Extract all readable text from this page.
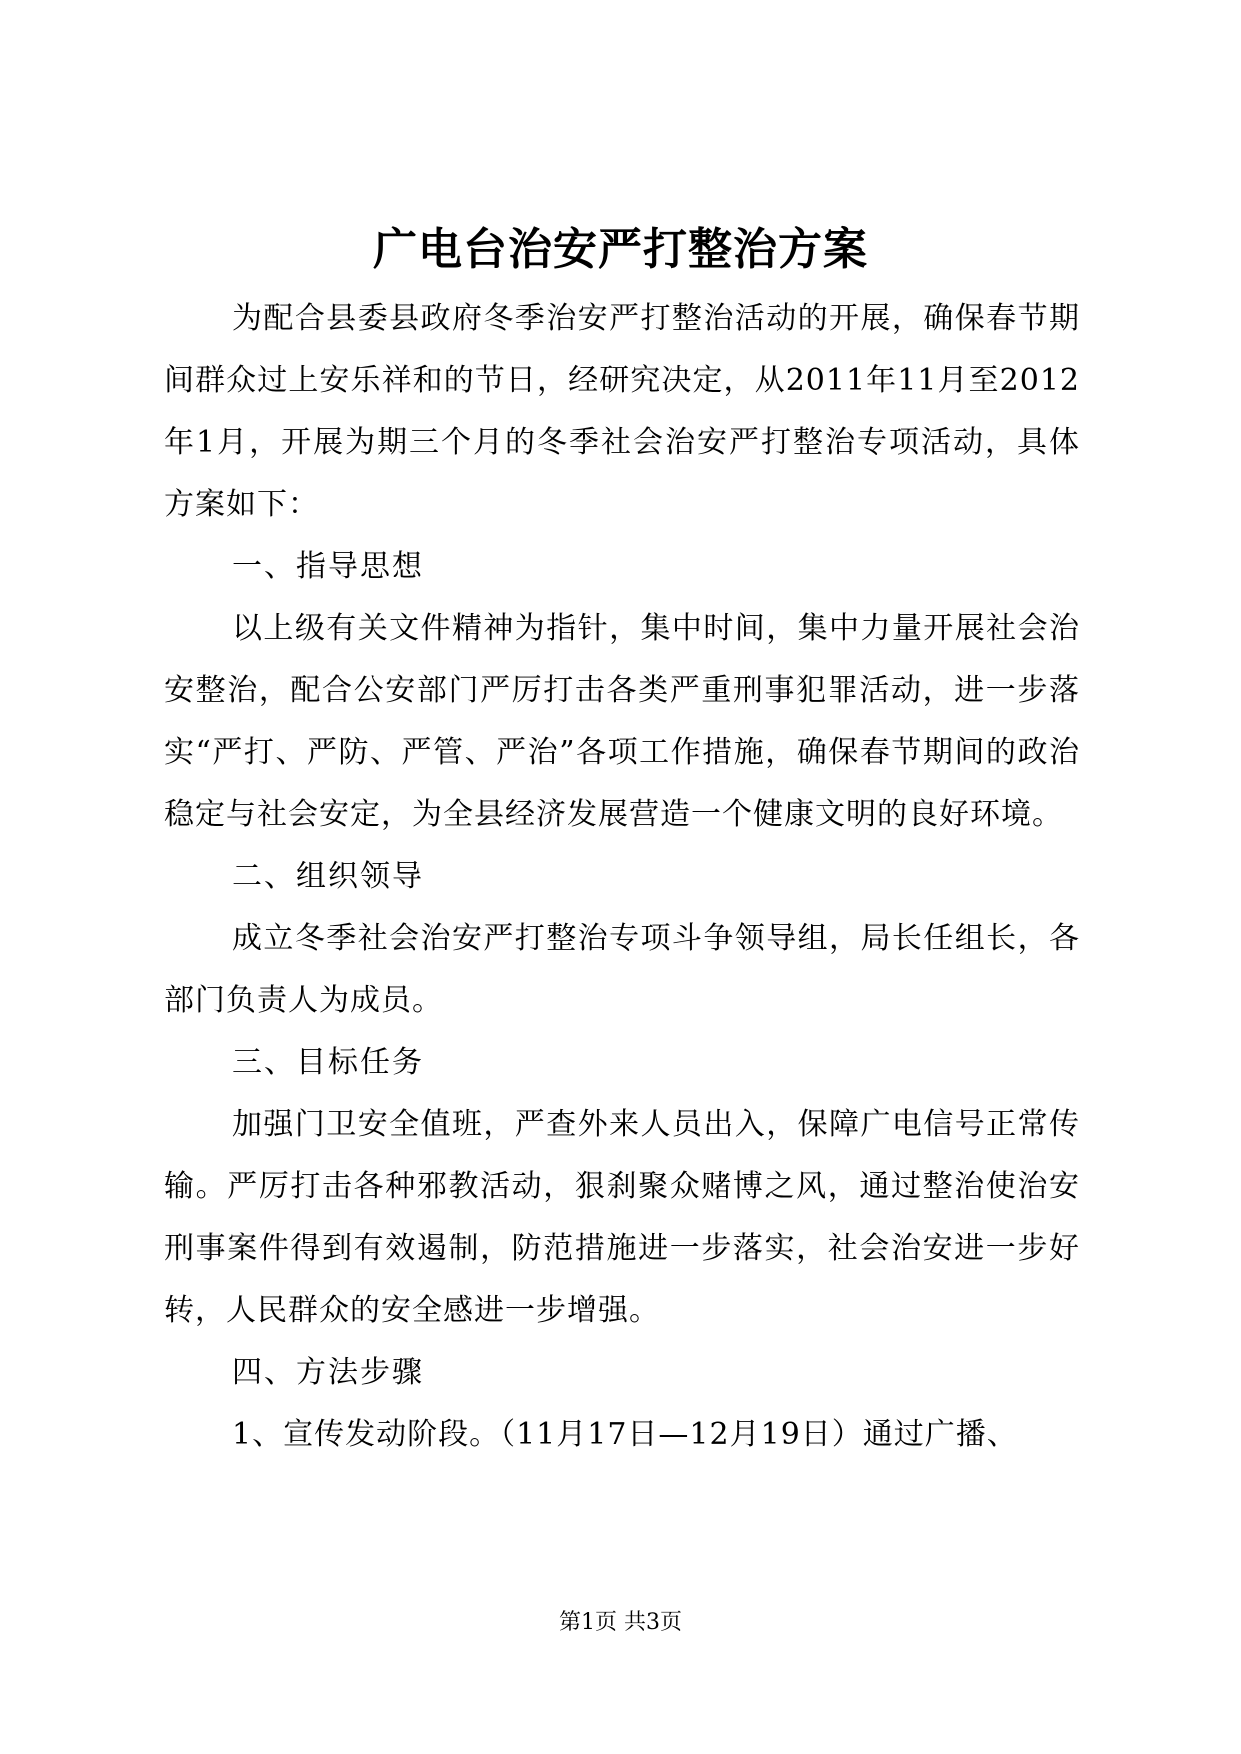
广电台治安严打整治方案

为配合县委县政府冬季治安严打整治活动的开展，确保春节期间群众过上安乐祥和的节日，经研究决定，从2011年11月至2012年1月，开展为期三个月的冬季社会治安严打整治专项活动，具体方案如下：

一、指导思想

以上级有关文件精神为指针，集中时间，集中力量开展社会治安整治，配合公安部门严厉打击各类严重刑事犯罪活动，进一步落实“严打、严防、严管、严治”各项工作措施，确保春节期间的政治稳定与社会安定，为全县经济发展营造一个健康文明的良好环境。

二、组织领导

成立冬季社会治安严打整治专项斗争领导组，局长任组长，各部门负责人为成员。

三、目标任务

加强门卫安全值班，严查外来人员出入，保障广电信号正常传输。严厉打击各种邪教活动，狠刹聚众赌博之风，通过整治使治安刑事案件得到有效遏制，防范措施进一步落实，社会治安进一步好转，人民群众的安全感进一步增强。

四、方法步骤

1、宣传发动阶段。（11月17日—12月19日）通过广播、

第1页 共3页
